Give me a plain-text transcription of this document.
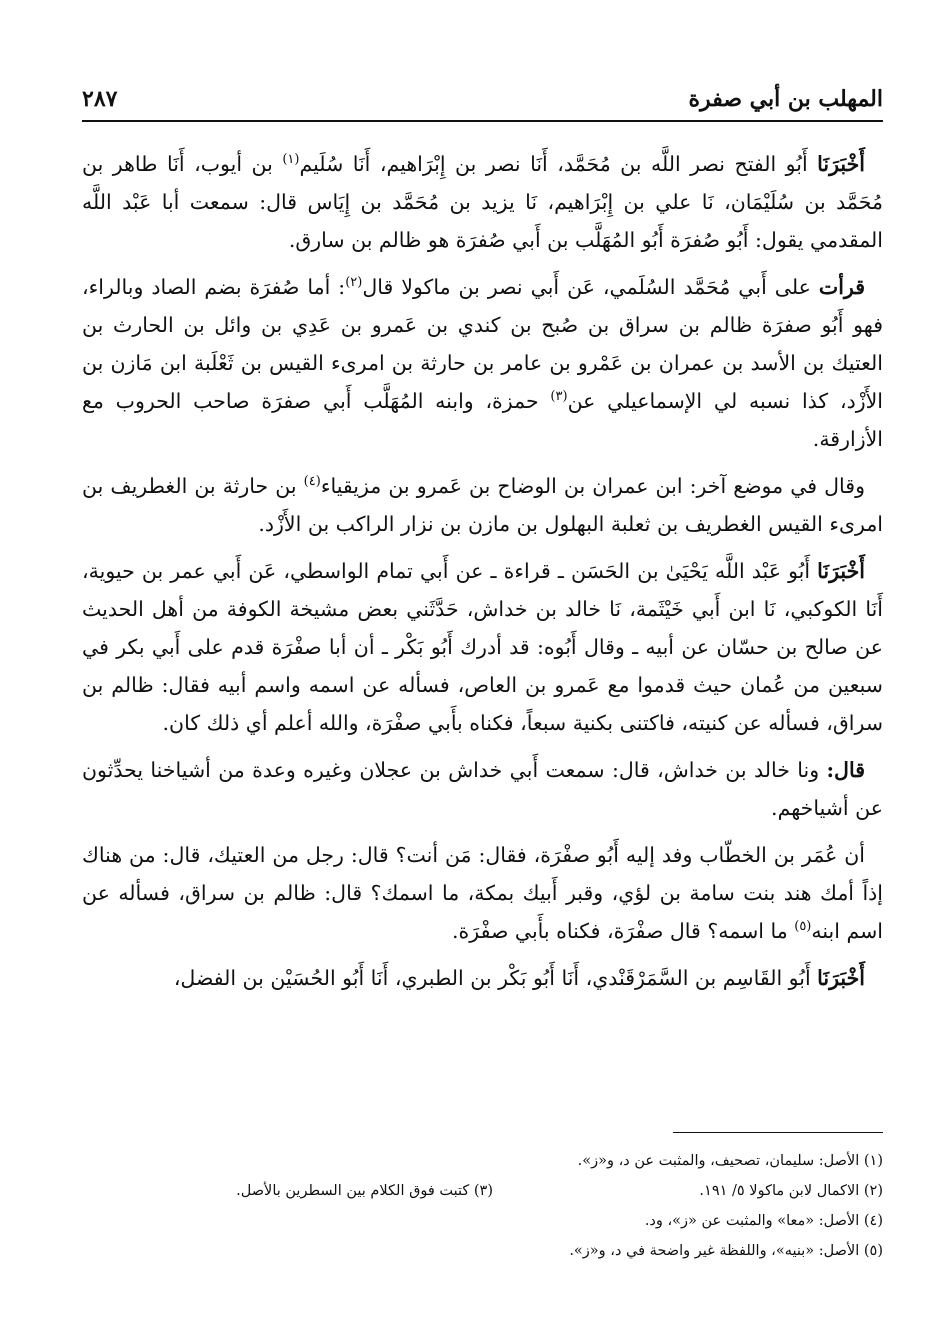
المهلب بن أبي صفرة
٢٨٧

أَخْبَرَنَا أَبُو الفتح نصر اللَّه بن مُحَمَّد، أَنَا نصر بن إِبْرَاهيم، أَنَا سُلَيم$^{(١)}$ بن أيوب، أَنَا طاهر بن مُحَمَّد بن سُلَيْمَان، نَا علي بن إِبْرَاهيم، نَا يزيد بن مُحَمَّد بن إِيَاس قال: سمعت أبا عَبْد اللَّه المقدمي يقول: أَبُو صُفرَة أَبُو المُهَلَّب بن أَبي صُفرَة هو ظالم بن سارق.

قرأت على أَبي مُحَمَّد السُلَمي، عَن أَبي نصر بن ماكولا قال$^{(٢)}$: أما صُفرَة بضم الصاد وبالراء، فهو أَبُو صفرَة ظالم بن سراق بن صُبح بن كندي بن عَمرو بن عَدِي بن وائل بن الحارث بن العتيك بن الأسد بن عمران بن عَمْرو بن عامر بن حارثة بن امرىء القيس بن ثَعْلَبة ابن مَازن بن الأَزْد، كذا نسبه لي الإسماعيلي عن$^{(٣)}$ حمزة، وابنه المُهَلَّب أَبي صفرَة صاحب الحروب مع الأزارقة.

وقال في موضع آخر: ابن عمران بن الوضاح بن عَمرو بن مزيقياء$^{(٤)}$ بن حارثة بن الغطريف بن امرىء القيس الغطريف بن ثعلبة البهلول بن مازن بن نزار الراكب بن الأَزْد.

أَخْبَرَنَا أَبُو عَبْد اللَّه يَحْيَىٰ بن الحَسَن ـ قراءة ـ عن أَبي تمام الواسطي، عَن أَبي عمر بن حيوية، أَنَا الكوكبي، نَا ابن أَبي خَيْثَمة، نَا خالد بن خداش، حَدَّثَني بعض مشيخة الكوفة من أهل الحديث عن صالح بن حسّان عن أبيه ـ وقال أَبُوه: قد أدرك أَبُو بَكْر ـ أن أبا صفْرَة قدم على أَبي بكر في سبعين من عُمان حيث قدموا مع عَمرو بن العاص، فسأله عن اسمه واسم أبيه فقال: ظالم بن سراق، فسأله عن كنيته، فاكتنى بكنية سبعاً، فكناه بأَبي صفْرَة، والله أعلم أي ذلك كان.

قال: ونا خالد بن خداش، قال: سمعت أَبي خداش بن عجلان وغيره وعدة من أشياخنا يحدِّثون عن أشياخهم.

أن عُمَر بن الخطّاب وفد إليه أَبُو صفْرَة، فقال: مَن أنت؟ قال: رجل من العتيك، قال: من هناك إذاً أمك هند بنت سامة بن لؤي، وقبر أَبيك بمكة، ما اسمك؟ قال: ظالم بن سراق، فسأله عن اسم ابنه$^{(٥)}$ ما اسمه؟ قال صفْرَة، فكناه بأَبي صفْرَة.

أَخْبَرَنَا أَبُو القَاسِم بن السَّمَرْقَنْدي، أَنَا أَبُو بَكْر بن الطبري، أَنَا أَبُو الحُسَيْن بن الفضل،

(١) الأصل: سليمان، تصحيف، والمثبت عن د، و«ز».
(٢) الاكمال لابن ماكولا ٥/ ١٩١.
(٣) كتبت فوق الكلام بين السطرين بالأصل.
(٤) الأصل: «معا» والمثبت عن «ز»، ود.
(٥) الأصل: «بنيه»، واللفظة غير واضحة في د، و«ز».
